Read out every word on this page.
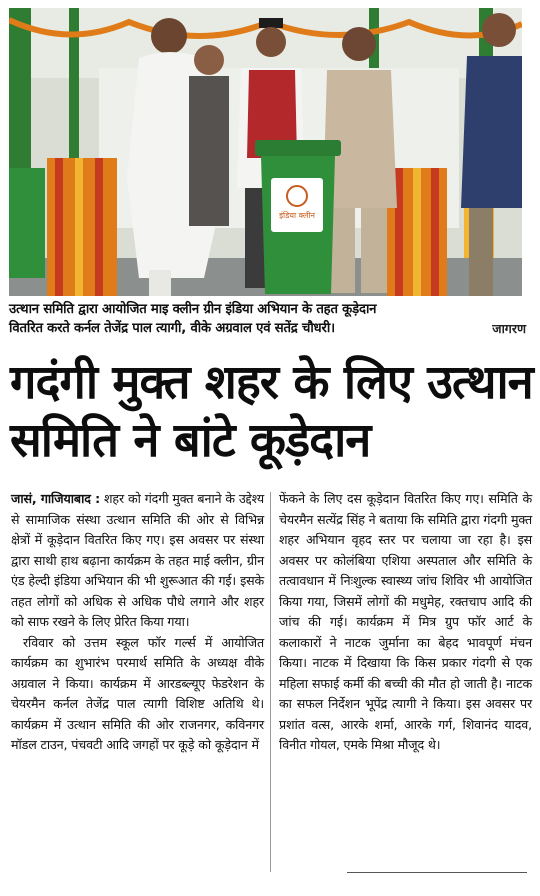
इंडिया क्लीन
उत्थान समिति द्वारा आयोजित माइ क्लीन ग्रीन इंडिया अभियान के तहत कूड़ेदान
वितरित करते कर्नल तेजेंद्र पाल त्यागी, वीके अग्रवाल एवं सतेंद्र चौधरी।	जागरण
गदंगी मुक्त शहर के लिए उत्थान
समिति ने बांटे कूड़ेदान

जासं, गाजियाबाद : शहर को गंदगी मुक्त बनाने के उद्देश्य से सामाजिक संस्था उत्थान समिति की ओर से विभिन्न क्षेत्रों में कूड़ेदान वितरित किए गए। इस अवसर पर संस्था द्वारा साथी हाथ बढ़ाना कार्यक्रम के तहत माई क्लीन, ग्रीन एंड हेल्दी इंडिया अभियान की भी शुरूआत की गई। इसके तहत लोगों को अधिक से अधिक पौधे लगाने और शहर को साफ रखने के लिए प्रेरित किया गया।

रविवार को उत्तम स्कूल फॉर गर्ल्स में आयोजित कार्यक्रम का शुभारंभ परमार्थ समिति के अध्यक्ष वीके अग्रवाल ने किया। कार्यक्रम में आरडब्ल्यूए फेडरेशन के चेयरमैन कर्नल तेजेंद्र पाल त्यागी विशिष्ट अतिथि थे। कार्यक्रम में उत्थान समिति की ओर राजनगर, कविनगर मॉडल टाउन, पंचवटी आदि जगहों पर कूड़े को कूड़ेदान में

फेंकने के लिए दस कूड़ेदान वितरित किए गए। समिति के चेयरमैन सत्येंद्र सिंह ने बताया कि समिति द्वारा गंदगी मुक्त शहर अभियान वृहद स्तर पर चलाया जा रहा है। इस अवसर पर कोलंबिया एशिया अस्पताल और समिति के तत्वावधान में निःशुल्क स्वास्थ्य जांच शिविर भी आयोजित किया गया, जिसमें लोगों की मधुमेह, रक्तचाप आदि की जांच की गई। कार्यक्रम में मित्र ग्रुप फॉर आर्ट के कलाकारों ने नाटक जुर्माना का बेहद भावपूर्ण मंचन किया। नाटक में दिखाया कि किस प्रकार गंदगी से एक महिला सफाई कर्मी की बच्ची की मौत हो जाती है। नाटक का सफल निर्देशन भूपेंद्र त्यागी ने किया। इस अवसर पर प्रशांत वत्स, आरके शर्मा, आरके गर्ग, शिवानंद यादव, विनीत गोयल, एमके मिश्रा मौजूद थे।
